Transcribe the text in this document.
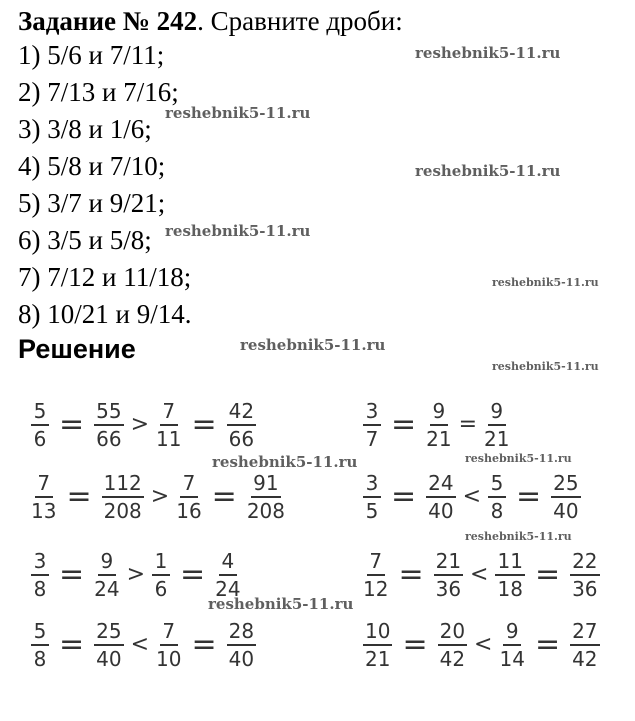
Задание № 242. Сравните дроби:
1) 5/6 и 7/11;
2) 7/13 и 7/16;
3) 3/8 и 1/6;
4) 5/8 и 7/10;
5) 3/7 и 9/21;
6) 3/5 и 5/8;
7) 7/12 и 11/18;
8) 10/21 и 9/14.
Решение
$\frac{5}{6} = \frac{55}{66} > \frac{7}{11} = \frac{42}{66}$	$\frac{3}{7} = \frac{9}{21} = \frac{9}{21}$
$\frac{7}{13} = \frac{112}{208} > \frac{7}{16} = \frac{91}{208}$	$\frac{3}{5} = \frac{24}{40} < \frac{5}{8} = \frac{25}{40}$
$\frac{3}{8} = \frac{9}{24} > \frac{1}{6} = \frac{4}{24}$	$\frac{7}{12} = \frac{21}{36} < \frac{11}{18} = \frac{22}{36}$
$\frac{5}{8} = \frac{25}{40} < \frac{7}{10} = \frac{28}{40}$	$\frac{10}{21} = \frac{20}{42} < \frac{9}{14} = \frac{27}{42}$
reshebnik5-11.ru
reshebnik5-11.ru
reshebnik5-11.ru
reshebnik5-11.ru
reshebnik5-11.ru
reshebnik5-11.ru
reshebnik5-11.ru
reshebnik5-11.ru	reshebnik5-11.ru
reshebnik5-11.ru
reshebnik5-11.ru
